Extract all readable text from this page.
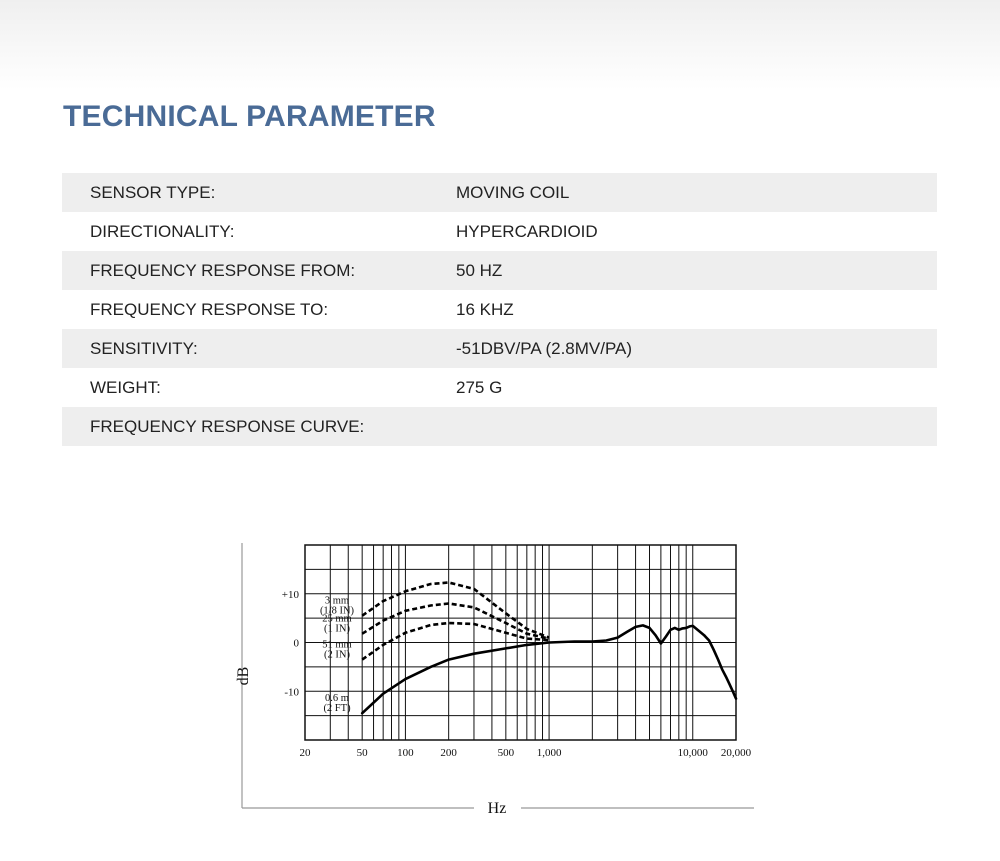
TECHNICAL PARAMETER
SENSOR TYPE:	MOVING COIL
DIRECTIONALITY:	HYPERCARDIOID
FREQUENCY RESPONSE FROM:	50 HZ
FREQUENCY RESPONSE TO:	16 KHZ
SENSITIVITY:	-51DBV/PA (2.8MV/PA)
WEIGHT:	275 G
FREQUENCY RESPONSE CURVE:
Hz
dB
+10
0
-10
20	50	100 200	500 1,000	10,000 20,000
3 mm (1/8 IN)
25 mm (1 IN)
51 mm (2 IN)
0.6 m (2 FT)
